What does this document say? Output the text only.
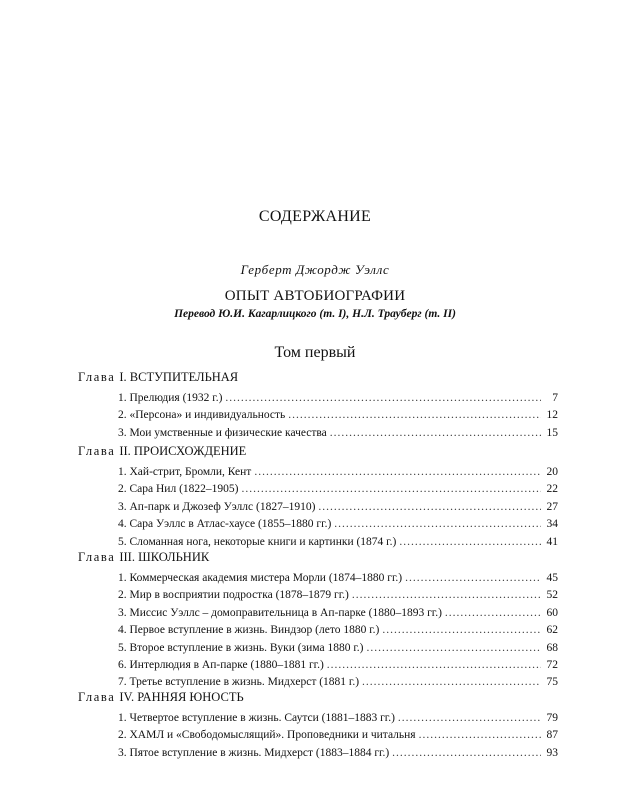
СОДЕРЖАНИЕ
Герберт Джордж Уэллс
ОПЫТ АВТОБИОГРАФИИ
Перевод Ю.И. Кагарлицкого (т. I), Н.Л. Трауберг (т. II)
Том первый
Глава I. ВСТУПИТЕЛЬНАЯ
1. Прелюдия (1932 г.) .....	7
2. «Персона» и индивидуальность .....	12
3. Мои умственные и физические качества .....	15
Глава II. ПРОИСХОЖДЕНИЕ
1. Хай-стрит, Бромли, Кент .....	20
2. Сара Нил (1822–1905) .....	22
3. Ап-парк и Джозеф Уэллс (1827–1910) .....	27
4. Сара Уэллс в Атлас-хаусе (1855–1880 гг.) .....	34
5. Сломанная нога, некоторые книги и картинки (1874 г.) .....	41
Глава III. ШКОЛЬНИК
1. Коммерческая академия мистера Морли (1874–1880 гг.) .....	45
2. Мир в восприятии подростка (1878–1879 гг.) .....	52
3. Миссис Уэллс – домоправительница в Ап-парке (1880–1893 гг.) .....	60
4. Первое вступление в жизнь. Виндзор (лето 1880 г.) .....	62
5. Второе вступление в жизнь. Вуки (зима 1880 г.) .....	68
6. Интерлюдия в Ап-парке (1880–1881 гг.) .....	72
7. Третье вступление в жизнь. Мидхерст (1881 г.) .....	75
Глава IV. РАННЯЯ ЮНОСТЬ
1. Четвертое вступление в жизнь. Саутси (1881–1883 гг.) .....	79
2. ХАМЛ и «Свободомыслящий». Проповедники и читальня .....	87
3. Пятое вступление в жизнь. Мидхерст (1883–1884 гг.) .....	93
